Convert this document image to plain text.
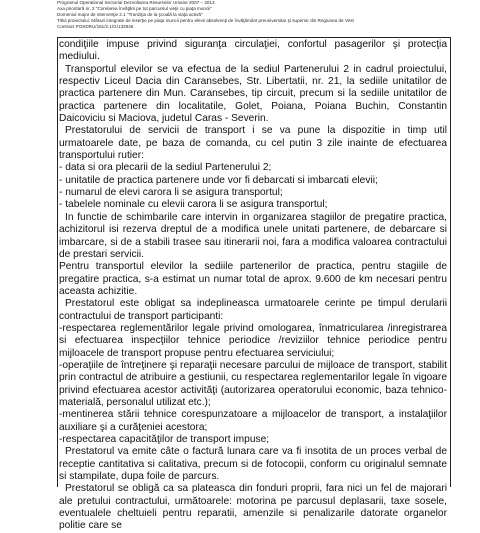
Programul Operational Sectorial Dezvoltarea Resurselor Umane 2007 – 2013
Axa prioritară nr. 2 "Corelarea învăţării pe tot parcursul vieţii cu piaţa muncii"
Domeniul major de intervenţie 2.1 "Tranziţia de la şcoală la viaţa activă"
Titlul proiectului: Mǎsuri integrate de inserţie pe piaţa muncii pentru elevii absolvenţi de învăţământ preuniversitar şi superior din Regiunea de Vest
Contract POSDRU/161/2.1/G/132945

condiţiile impuse privind siguranţa circulaţiei, confortul pasagerilor şi protecţia mediului.

Transportul elevilor se va efectua de la sediul Partenerului 2 in cadrul proiectului, respectiv Liceul Dacia din Caransebes, Str. Libertatii, nr. 21, la sediile unitatilor de practica partenere din Mun. Caransebes, tip circuit, precum si la sediile unitatilor de practica partenere din localitatile, Golet, Poiana, Poiana Buchin, Constantin Daicoviciu si Maciova, judetul Caras - Severin.

Prestatorului de servicii de transport i se va pune la dispozitie in timp util urmatoarele date, pe baza de comanda, cu cel putin 3 zile inainte de efectuarea transportului rutier:

- data si ora plecarii de la sediul Partenerului 2;

- unitatile de practica partenere unde vor fi debarcati si imbarcati elevii;

- numarul de elevi carora li se asigura transportul;

- tabelele nominale cu elevii carora li se asigura transportul;

In functie de schimbarile care intervin in organizarea stagiilor de pregatire practica, achizitorul isi rezerva dreptul de a modifica unele unitati partenere, de debarcare si imbarcare, si de a stabili trasee sau itinerarii noi, fara a modifica valoarea contractului de prestari servicii.

Pentru transportul elevilor la sediile partenerilor de practica, pentru stagiile de pregatire practica, s-a estimat un numar total de aprox. 9.600 de km necesari pentru aceasta achizitie.

Prestatorul este obligat sa indeplineasca urmatoarele cerinte pe timpul derularii contractului de transport participanti:

-respectarea reglementărilor legale privind omologarea, înmatricularea /inregistrarea si efectuarea inspecţiilor tehnice periodice /reviziilor tehnice periodice pentru mijloacele de transport propuse pentru efectuarea serviciului;

-operaţiile de întreţinere şi reparaţii necesare parcului de mijloace de transport, stabilit prin contractul de atribuire a gestiunii, cu respectarea reglementarilor legale în vigoare privind efectuarea acestor activităţi (autorizarea operatorului economic, baza tehnico-materială, personalul utilizat etc.);

-mentinerea stării tehnice corespunzatoare a mijloacelor de transport, a instalaţiilor auxiliare şi a curăţeniei acestora;

-respectarea capacităţilor de transport impuse;

Prestatorul va emite câte o factură lunara care va fi insotita de un proces verbal de receptie cantitativa si calitativa, precum si de fotocopii, conform cu originalul semnate si stampilate, dupa foile de parcurs.

Prestatorul se obligă ca sa plateasca din fonduri proprii, fara nici un fel de majorari ale pretului contractului, următoarele: motorina pe parcusul deplasarii, taxe sosele, eventualele cheltuieli pentru reparatii, amenzile si penalizarile datorate organelor politie care se
